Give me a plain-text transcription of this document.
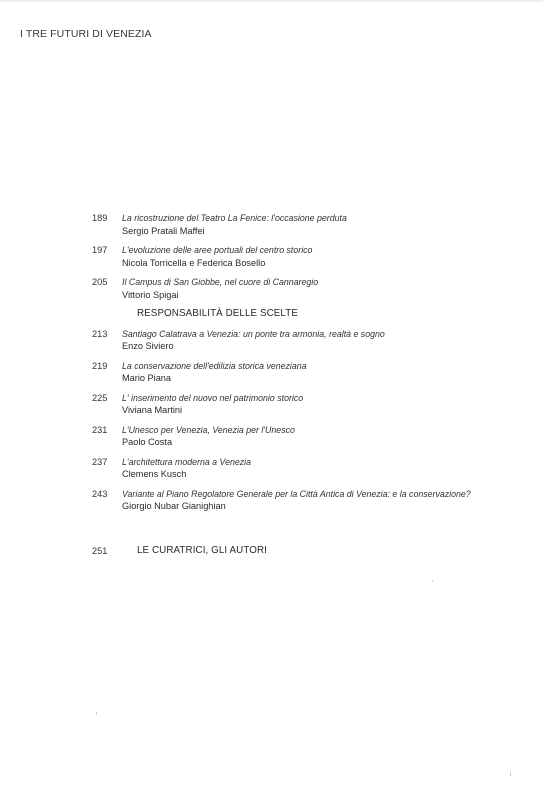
I TRE FUTURI DI VENEZIA
189	La ricostruzione del Teatro La Fenice: l'occasione perduta
Sergio Pratali Maffei
197	L'evoluzione delle aree portuali del centro storico
Nicola Torricella e Federica Bosello
205	Il Campus di San Giobbe, nel cuore di Cannaregio
Vittorio Spigai
RESPONSABILITÀ DELLE SCELTE
213	Santiago Calatrava a Venezia: un ponte tra armonia, realtà e sogno
Enzo Siviero
219	La conservazione dell'edilizia storica veneziana
Mario Piana
225	L' inserimento del nuovo nel patrimonio storico
Viviana Martini
231	L'Unesco per Venezia, Venezia per l'Unesco
Paolo Costa
237	L'architettura moderna a Venezia
Clemens Kusch
243	Variante al Piano Regolatore Generale per la Città Antica di Venezia: e la conservazione?
Giorgio Nubar Gianighian
251	LE CURATRICI, GLI AUTORI
